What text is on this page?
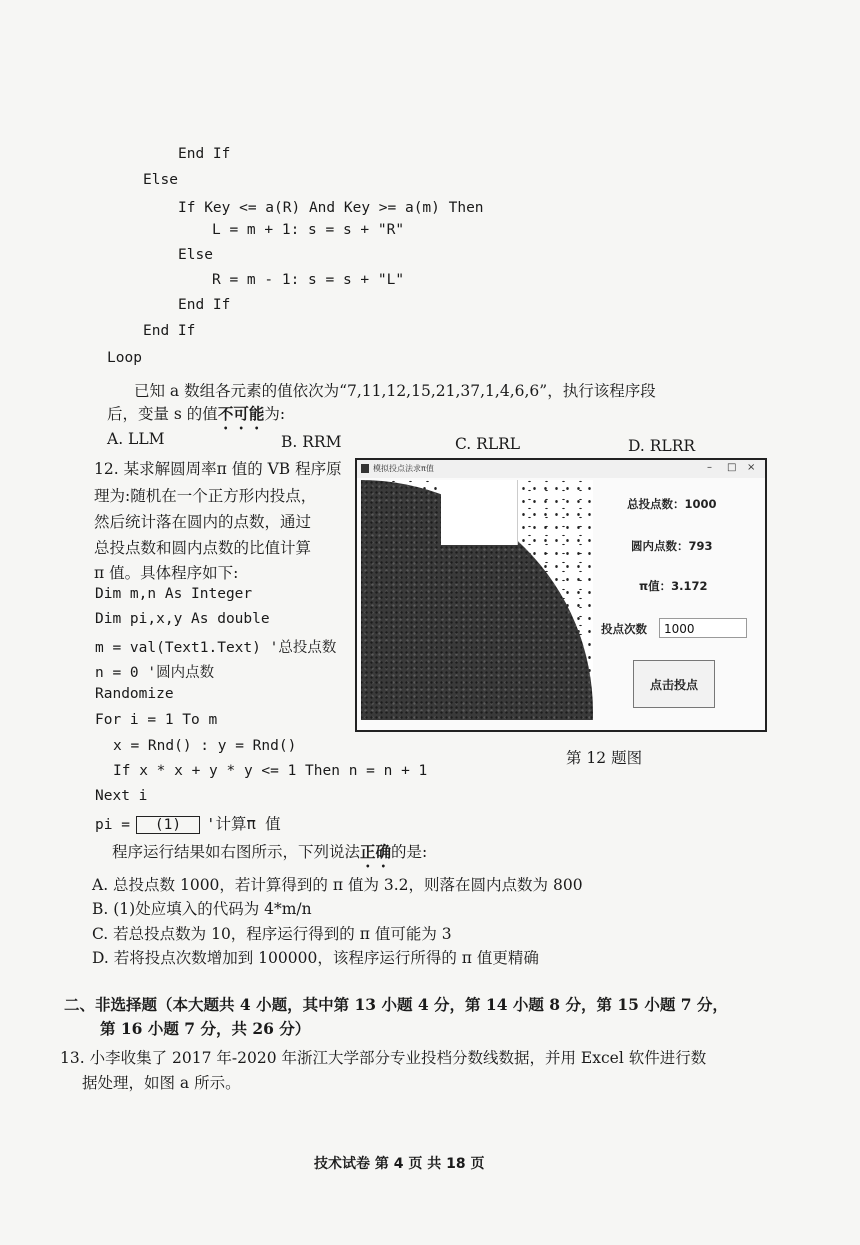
End If
Else
If Key <= a(R) And Key >= a(m) Then
L = m + 1: s = s + "R"
Else
R = m - 1: s = s + "L"
End If
End If
Loop
已知 a 数组各元素的值依次为“7,11,12,15,21,37,1,4,6,6”，执行该程序段
后，变量 s 的值不可能为:
A. LLM	B. RRM	C. RLRL	D. RLRR
12. 某求解圆周率π 值的 VB 程序原
理为:随机在一个正方形内投点，
然后统计落在圆内的点数，通过
总投点数和圆内点数的比值计算
π 值。具体程序如下:
Dim m,n As Integer
Dim pi,x,y As double
m = val(Text1.Text) '总投点数
n = 0 '圆内点数
Randomize
For i = 1 To m
x = Rnd() : y = Rnd()
If x * x + y * y <= 1 Then n = n + 1
Next i
pi = (1) '计算π 值
程序运行结果如右图所示，下列说法正确的是:
A. 总投点数 1000，若计算得到的 π 值为 3.2，则落在圆内点数为 800
B. (1)处应填入的代码为 4*m/n
C. 若总投点数为 10，程序运行得到的 π 值可能为 3
D. 若将投点次数增加到 100000，该程序运行所得的 π 值更精确
模拟投点法求π值	– □ ×
总投点数：1000
圆内点数：793
π值：3.172
投点次数	1000
点击投点
第 12 题图
二、非选择题（本大题共 4 小题，其中第 13 小题 4 分，第 14 小题 8 分，第 15 小题 7 分，
第 16 小题 7 分，共 26 分）
13. 小李收集了 2017 年-2020 年浙江大学部分专业投档分数线数据，并用 Excel 软件进行数
据处理，如图 a 所示。
技术试卷 第 4 页 共 18 页
